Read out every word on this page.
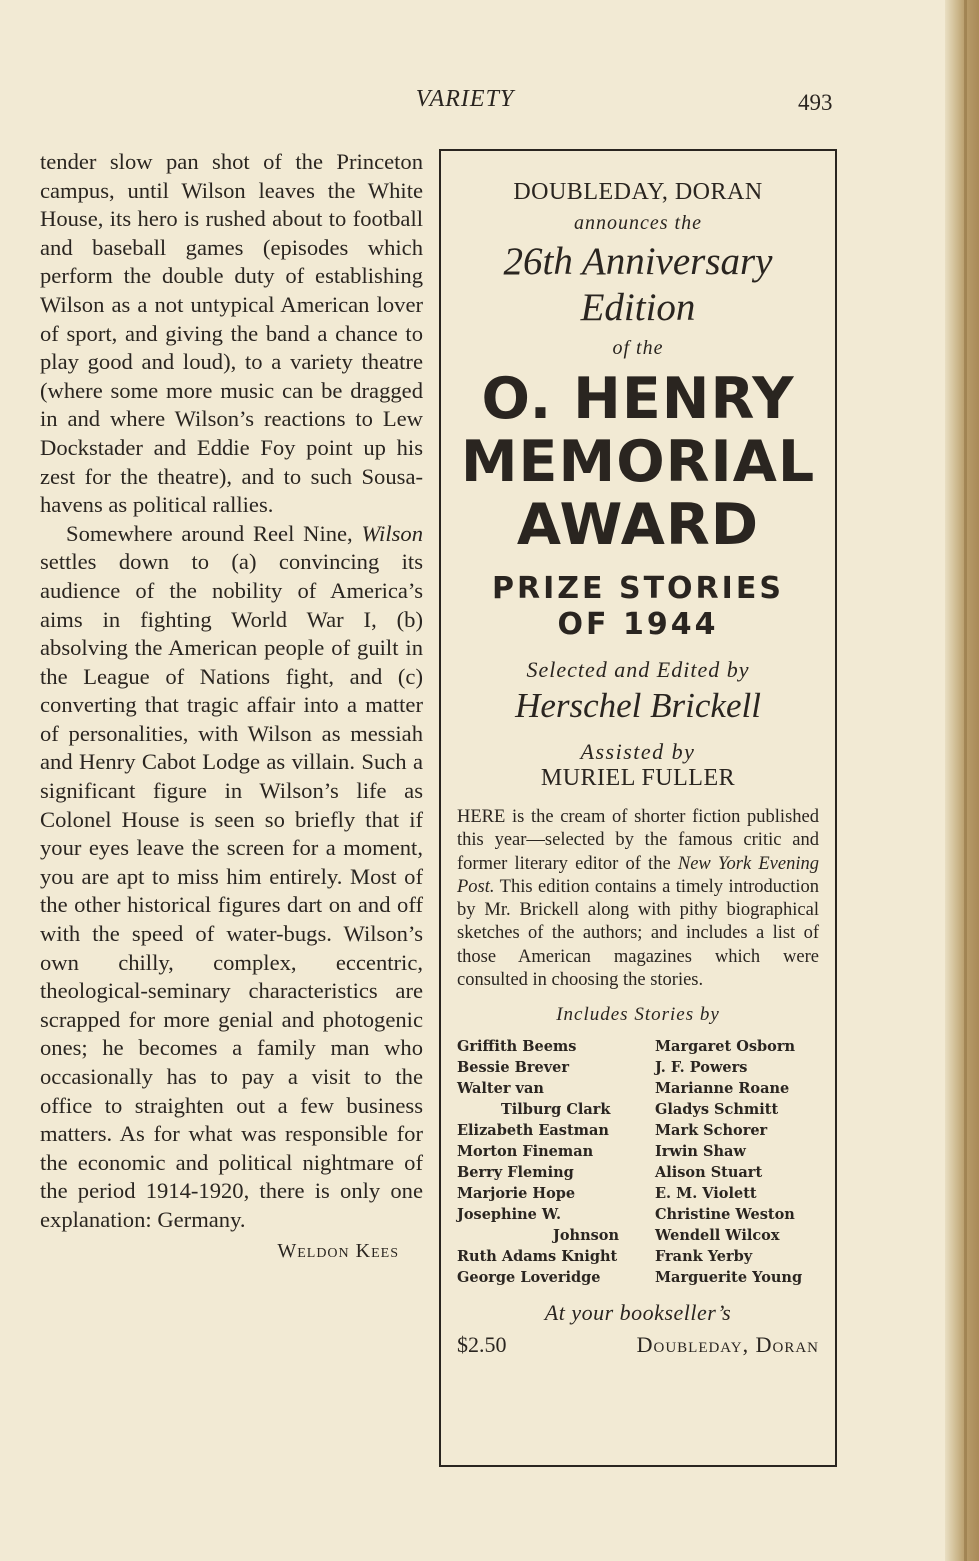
VARIETY	493

tender slow pan shot of the Princeton campus, until Wilson leaves the White House, its hero is rushed about to football and baseball games (episodes which perform the double duty of establishing Wilson as a not untypical American lover of sport, and giving the band a chance to play good and loud), to a variety theatre (where some more music can be dragged in and where Wilson’s reactions to Lew Dockstader and Eddie Foy point up his zest for the theatre), and to such Sousa-havens as political rallies.

Somewhere around Reel Nine, Wilson settles down to (a) convincing its audience of the nobility of America’s aims in fighting World War I, (b) absolving the American people of guilt in the League of Nations fight, and (c) converting that tragic affair into a matter of personalities, with Wilson as messiah and Henry Cabot Lodge as villain. Such a significant figure in Wilson’s life as Colonel House is seen so briefly that if your eyes leave the screen for a moment, you are apt to miss him entirely. Most of the other historical figures dart on and off with the speed of water-bugs. Wilson’s own chilly, complex, eccentric, theological-seminary characteristics are scrapped for more genial and photogenic ones; he becomes a family man who occasionally has to pay a visit to the office to straighten out a few business matters. As for what was responsible for the economic and political nightmare of the period 1914-1920, there is only one explanation: Germany.

Weldon Kees
DOUBLEDAY, DORAN
announces the
26th Anniversary
Edition
of the
O. HENRY
MEMORIAL
AWARD
PRIZE STORIES
OF 1944
Selected and Edited by
Herschel Brickell
Assisted by
MURIEL FULLER
HERE is the cream of shorter fiction published this year—selected by the famous critic and former literary editor of the New York Evening Post. This edition contains a timely introduction by Mr. Brickell along with pithy biographical sketches of the authors; and includes a list of those American magazines which were consulted in choosing the stories.
Includes Stories by
Griffith Beems
Bessie Brever
Walter van
Tilburg Clark
Elizabeth Eastman
Morton Fineman
Berry Fleming
Marjorie Hope
Josephine W.
Johnson
Ruth Adams Knight
George Loveridge
Margaret Osborn
J. F. Powers
Marianne Roane
Gladys Schmitt
Mark Schorer
Irwin Shaw
Alison Stuart
E. M. Violett
Christine Weston
Wendell Wilcox
Frank Yerby
Marguerite Young
At your bookseller’s
$2.50	Doubleday, Doran
